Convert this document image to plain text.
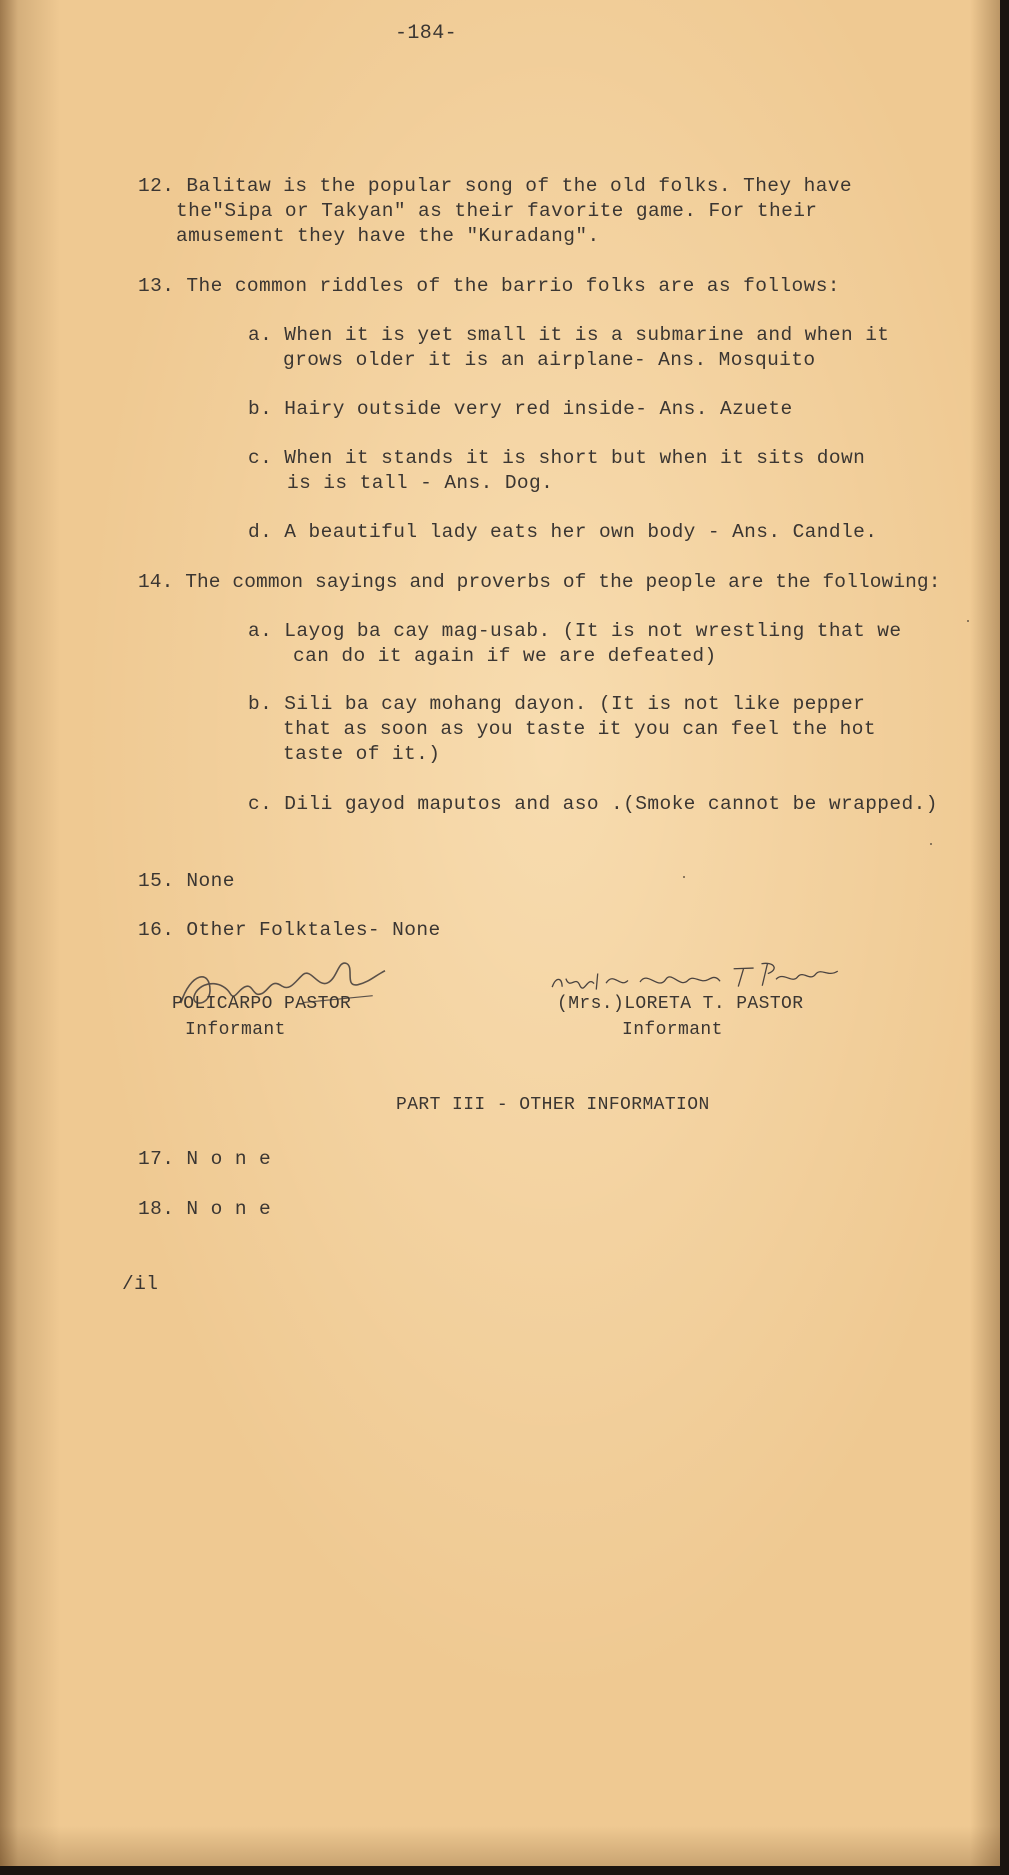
-184-
12. Balitaw is the popular song of the old folks. They have
the"Sipa or Takyan" as their favorite game. For their
amusement they have the "Kuradang".
13. The common riddles of the barrio folks are as follows:
a. When it is yet small it is a submarine and when it
grows older it is an airplane- Ans. Mosquito
b. Hairy outside very red inside- Ans. Azuete
c. When it stands it is short but when it sits down
is is tall - Ans. Dog.
d. A beautiful lady eats her own body - Ans. Candle.
14. The common sayings and proverbs of the people are the following:
a. Layog ba cay mag-usab. (It is not wrestling that we
can do it again if we are defeated)
b. Sili ba cay mohang dayon. (It is not like pepper
that as soon as you taste it you can feel the hot
taste of it.)
c. Dili gayod maputos and aso .(Smoke cannot be wrapped.)
15. None
16. Other Folktales- None
POLICARPO PASTOR
Informant
(Mrs.)LORETA T. PASTOR
Informant
PART III - OTHER INFORMATION
17. N o n e
18. N o n e
/il
